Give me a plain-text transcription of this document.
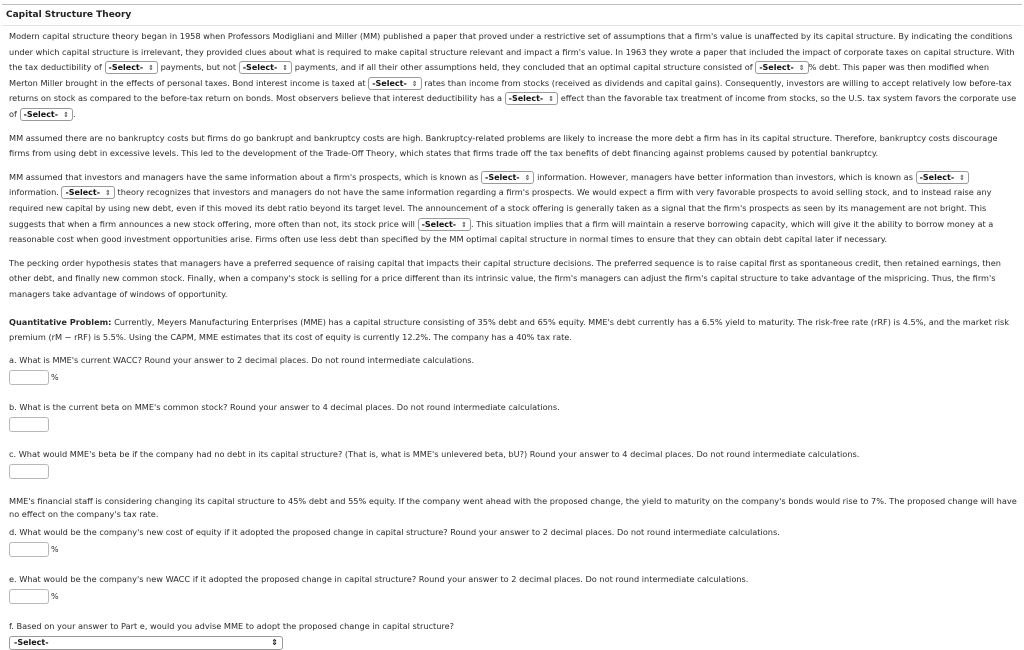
Capital Structure Theory

Modern capital structure theory began in 1958 when Professors Modigliani and Miller (MM) published a paper that proved under a restrictive set of assumptions that a firm's value is unaffected by its capital structure. By indicating the conditions under which capital structure is irrelevant, they provided clues about what is required to make capital structure relevant and impact a firm's value. In 1963 they wrote a paper that included the impact of corporate taxes on capital structure. With the tax deductibility of -Select- ⇕ payments, but not -Select- ⇕ payments, and if all their other assumptions held, they concluded that an optimal capital structure consisted of -Select- ⇕ % debt. This paper was then modified when Merton Miller brought in the effects of personal taxes. Bond interest income is taxed at -Select- ⇕ rates than income from stocks (received as dividends and capital gains). Consequently, investors are willing to accept relatively low before-tax returns on stock as compared to the before-tax return on bonds. Most observers believe that interest deductibility has a -Select- ⇕ effect than the favorable tax treatment of income from stocks, so the U.S. tax system favors the corporate use of -Select- ⇕ .

MM assumed there are no bankruptcy costs but firms do go bankrupt and bankruptcy costs are high. Bankruptcy-related problems are likely to increase the more debt a firm has in its capital structure. Therefore, bankruptcy costs discourage firms from using debt in excessive levels. This led to the development of the Trade-Off Theory, which states that firms trade off the tax benefits of debt financing against problems caused by potential bankruptcy.

MM assumed that investors and managers have the same information about a firm's prospects, which is known as -Select- ⇕ information. However, managers have better information than investors, which is known as -Select- ⇕ information. -Select- ⇕ theory recognizes that investors and managers do not have the same information regarding a firm's prospects. We would expect a firm with very favorable prospects to avoid selling stock, and to instead raise any required new capital by using new debt, even if this moved its debt ratio beyond its target level. The announcement of a stock offering is generally taken as a signal that the firm's prospects as seen by its management are not bright. This suggests that when a firm announces a new stock offering, more often than not, its stock price will -Select- ⇕ . This situation implies that a firm will maintain a reserve borrowing capacity, which will give it the ability to borrow money at a reasonable cost when good investment opportunities arise. Firms often use less debt than specified by the MM optimal capital structure in normal times to ensure that they can obtain debt capital later if necessary.

The pecking order hypothesis states that managers have a preferred sequence of raising capital that impacts their capital structure decisions. The preferred sequence is to raise capital first as spontaneous credit, then retained earnings, then other debt, and finally new common stock. Finally, when a company's stock is selling for a price different than its intrinsic value, the firm's managers can adjust the firm's capital structure to take advantage of the mispricing. Thus, the firm's managers take advantage of windows of opportunity.

Quantitative Problem: Currently, Meyers Manufacturing Enterprises (MME) has a capital structure consisting of 35% debt and 65% equity. MME's debt currently has a 6.5% yield to maturity. The risk-free rate (rRF) is 4.5%, and the market risk premium (rM − rRF) is 5.5%. Using the CAPM, MME estimates that its cost of equity is currently 12.2%. The company has a 40% tax rate.

a. What is MME's current WACC? Round your answer to 2 decimal places. Do not round intermediate calculations.
%
b. What is the current beta on MME's common stock? Round your answer to 4 decimal places. Do not round intermediate calculations.
c. What would MME's beta be if the company had no debt in its capital structure? (That is, what is MME's unlevered beta, bU?) Round your answer to 4 decimal places. Do not round intermediate calculations.

MME's financial staff is considering changing its capital structure to 45% debt and 55% equity. If the company went ahead with the proposed change, the yield to maturity on the company's bonds would rise to 7%. The proposed change will have no effect on the company's tax rate.

d. What would be the company's new cost of equity if it adopted the proposed change in capital structure? Round your answer to 2 decimal places. Do not round intermediate calculations.
%
e. What would be the company's new WACC if it adopted the proposed change in capital structure? Round your answer to 2 decimal places. Do not round intermediate calculations.
%
f. Based on your answer to Part e, would you advise MME to adopt the proposed change in capital structure?
-Select-	⇕
